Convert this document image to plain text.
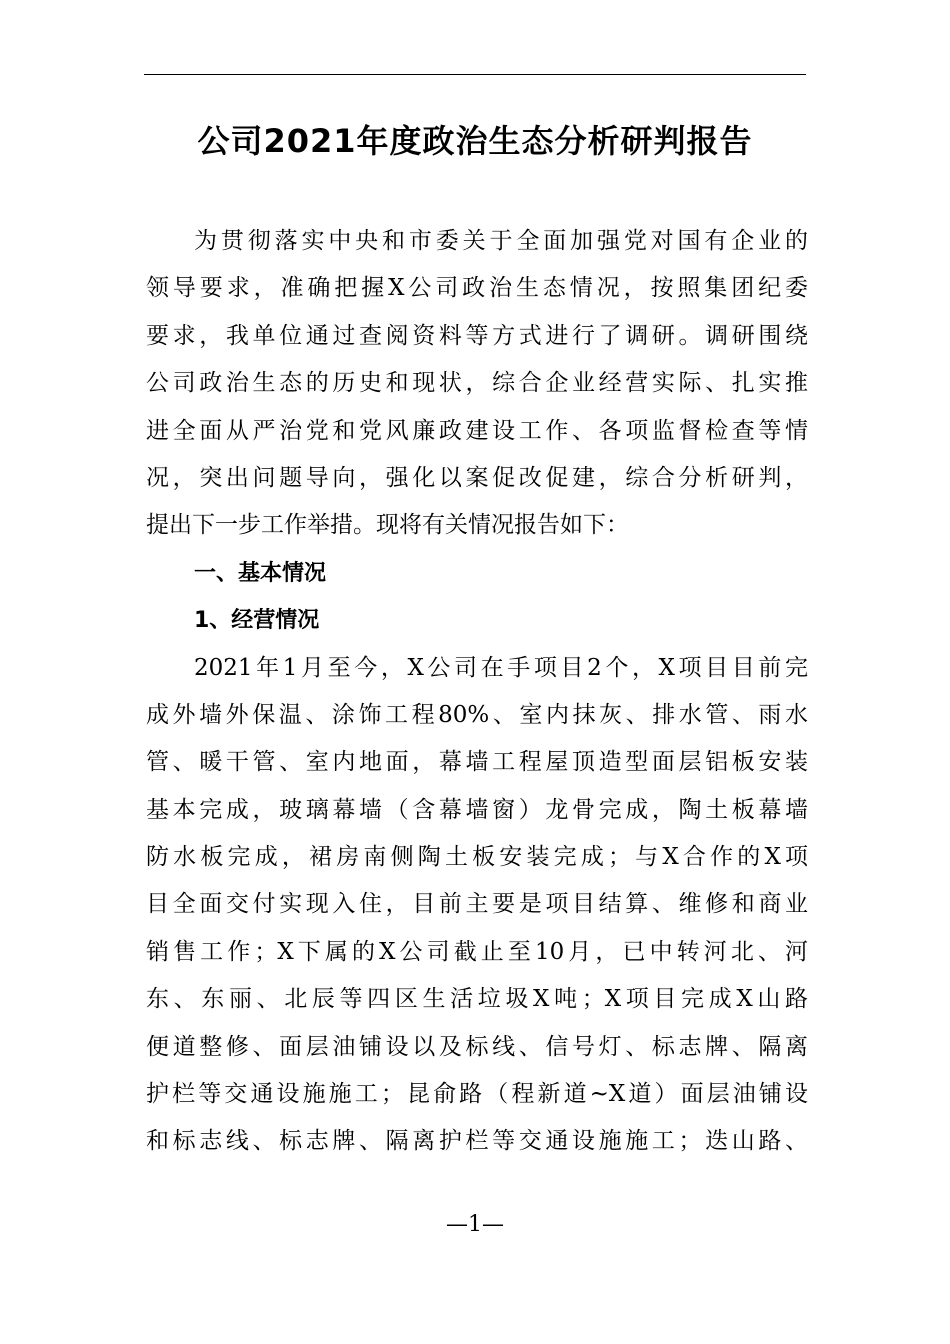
公司2021年度政治生态分析研判报告
为贯彻落实中央和市委关于全面加强党对国有企业的
领导要求，准确把握X公司政治生态情况，按照集团纪委
要求，我单位通过查阅资料等方式进行了调研。调研围绕
公司政治生态的历史和现状，综合企业经营实际、扎实推
进全面从严治党和党风廉政建设工作、各项监督检查等情
况，突出问题导向，强化以案促改促建，综合分析研判，
提出下一步工作举措。现将有关情况报告如下：
一、基本情况
1、经营情况
2021年1月至今，X公司在手项目2个，X项目目前完
成外墙外保温、涂饰工程80%、室内抹灰、排水管、雨水
管、暖干管、室内地面，幕墙工程屋顶造型面层铝板安装
基本完成，玻璃幕墙（含幕墙窗）龙骨完成，陶土板幕墙
防水板完成，裙房南侧陶土板安装完成；与X合作的X项
目全面交付实现入住，目前主要是项目结算、维修和商业
销售工作；X下属的X公司截止至10月，已中转河北、河
东、东丽、北辰等四区生活垃圾X吨；X项目完成X山路
便道整修、面层油铺设以及标线、信号灯、标志牌、隔离
护栏等交通设施施工；昆俞路（程新道~X道）面层油铺设
和标志线、标志牌、隔离护栏等交通设施施工；迭山路、
—1—
